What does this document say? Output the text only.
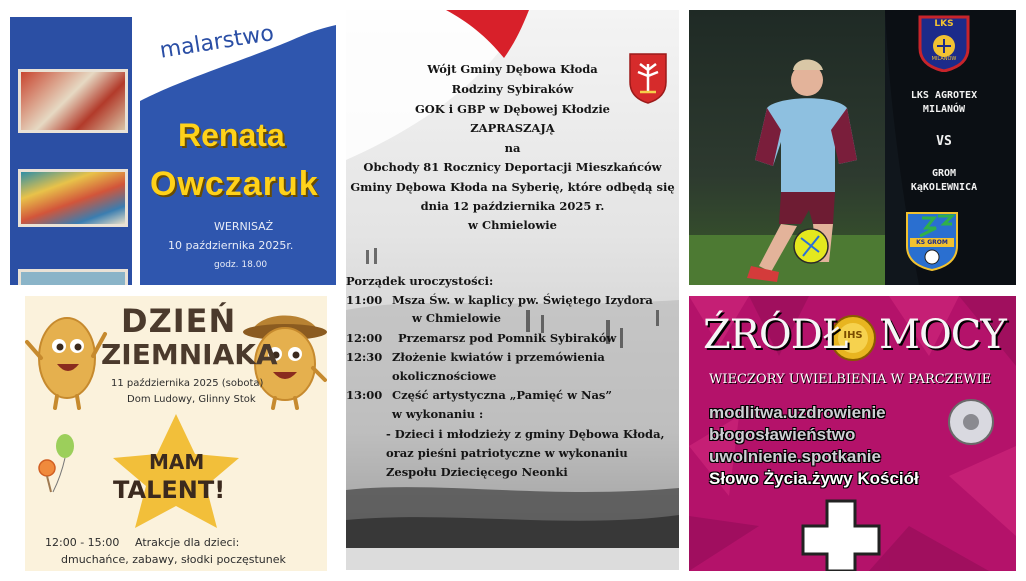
malarstwo
Renata
Owczaruk
WERNISAŻ
10 października 2025r.
godz. 18.00
Wójt Gminy Dębowa Kłoda
Rodziny Sybiraków
GOK i GBP w Dębowej Kłodzie
ZAPRASZAJĄ
na
Obchody 81 Rocznicy Deportacji Mieszkańców
Gminy Dębowa Kłoda na Syberię, które odbędą się
dnia 12 października 2025 r.
w Chmielowie
Porządek uroczystości:
11:00 Msza Św. w kaplicy pw. Świętego Izydora
w Chmielowie
12:00 Przemarsz pod Pomnik Sybiraków
12:30 Złożenie kwiatów i przemówienia
okolicznościowe
13:00 Część artystyczna „Pamięć w Nas”
w wykonaniu :
- Dzieci i młodzieży z gminy Dębowa Kłoda,
oraz pieśni patriotyczne w wykonaniu
Zespołu Dziecięcego Neonki
LKS
MILANÓW
LKS AGROTEX
MILANÓW
VS
GROM
KąKOLEWNICA
KS GROM
DZIEŃ
ZIEMNIAKA
11 października 2025 (sobota)
Dom Ludowy, Glinny Stok
MAM
TALENT!
12:00 - 15:00 Atrakcje dla dzieci:
dmuchańce, zabawy, słodki poczęstunek
ŹRÓDŁ
IHS MOCY
WIECZORY UWIELBIENIA W PARCZEWIE
modlitwa.uzdrowienie
błogosławieństwo
uwolnienie.spotkanie
Słowo Życia.żywy Kościół
